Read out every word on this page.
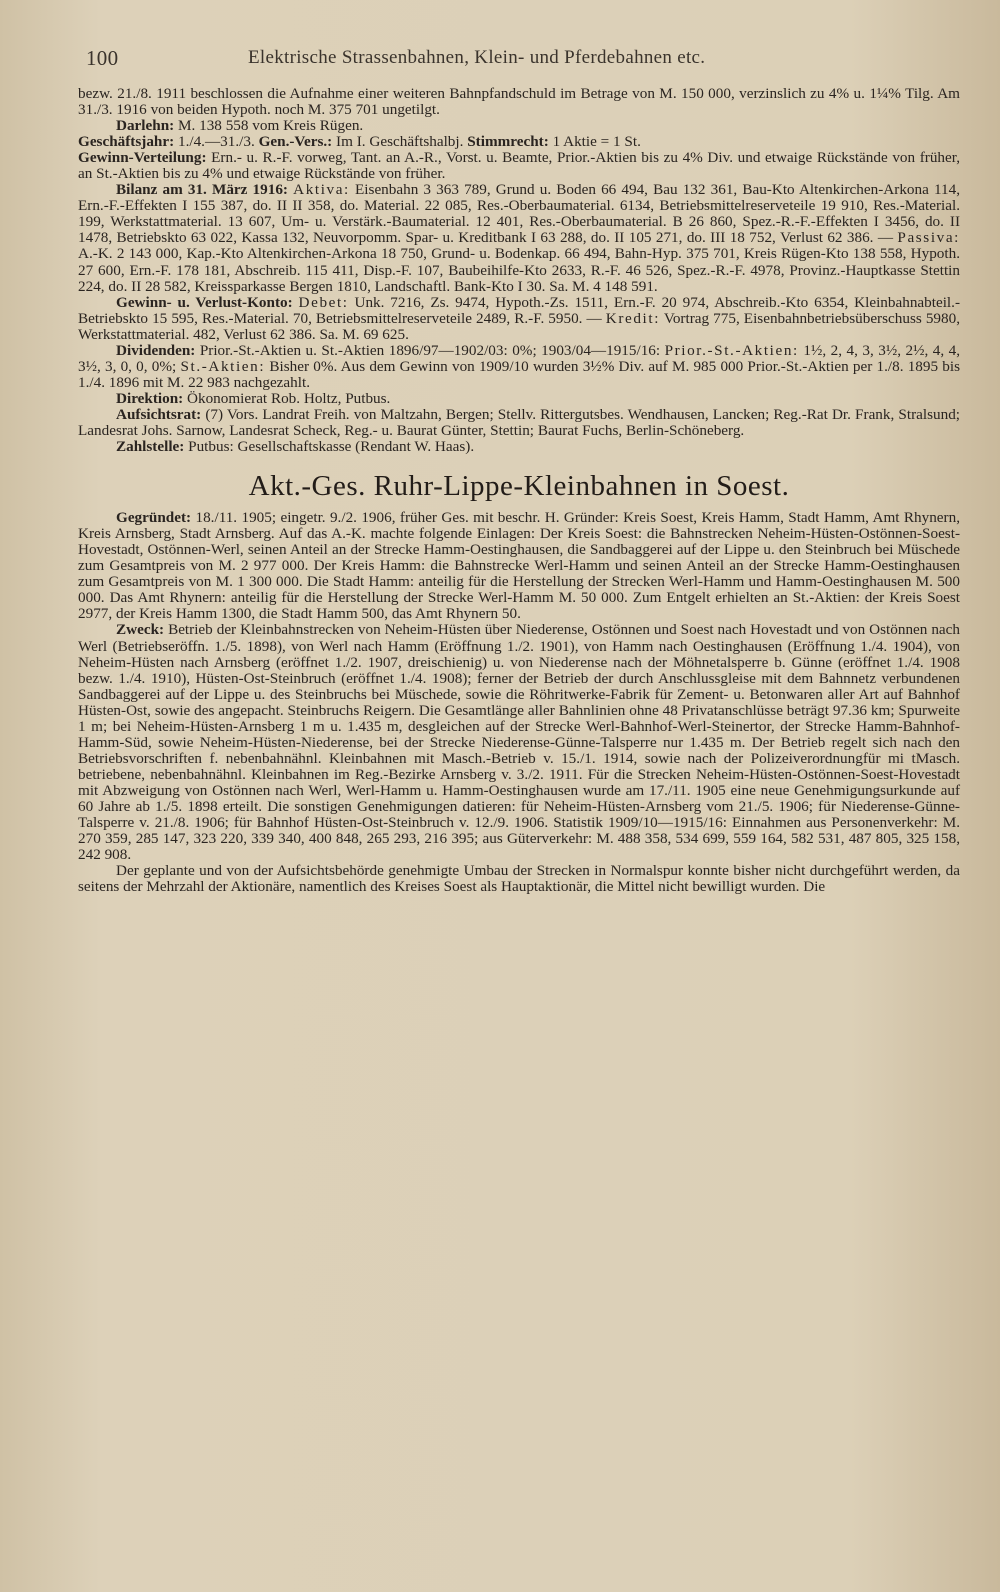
100	Elektrische Strassenbahnen, Klein- und Pferdebahnen etc.

bezw. 21./8. 1911 beschlossen die Aufnahme einer weiteren Bahnpfandschuld im Betrage von M. 150 000, verzinslich zu 4% u. 1¼% Tilg. Am 31./3. 1916 von beiden Hypoth. noch M. 375 701 ungetilgt.

Darlehn: M. 138 558 vom Kreis Rügen.

Geschäftsjahr: 1./4.—31./3. Gen.-Vers.: Im I. Geschäftshalbj. Stimmrecht: 1 Aktie = 1 St.

Gewinn-Verteilung: Ern.- u. R.-F. vorweg, Tant. an A.-R., Vorst. u. Beamte, Prior.-Aktien bis zu 4% Div. und etwaige Rückstände von früher, an St.-Aktien bis zu 4% und etwaige Rückstände von früher.

Bilanz am 31. März 1916: Aktiva: Eisenbahn 3 363 789, Grund u. Boden 66 494, Bau 132 361, Bau-Kto Altenkirchen-Arkona 114, Ern.-F.-Effekten I 155 387, do. II II 358, do. Material. 22 085, Res.-Oberbaumaterial. 6134, Betriebsmittelreserveteile 19 910, Res.-Material. 199, Werkstattmaterial. 13 607, Um- u. Verstärk.-Baumaterial. 12 401, Res.-Oberbaumaterial. B 26 860, Spez.-R.-F.-Effekten I 3456, do. II 1478, Betriebskto 63 022, Kassa 132, Neuvorpomm. Spar- u. Kreditbank I 63 288, do. II 105 271, do. III 18 752, Verlust 62 386. — Passiva: A.-K. 2 143 000, Kap.-Kto Altenkirchen-Arkona 18 750, Grund- u. Bodenkap. 66 494, Bahn-Hyp. 375 701, Kreis Rügen-Kto 138 558, Hypoth. 27 600, Ern.-F. 178 181, Abschreib. 115 411, Disp.-F. 107, Baubeihilfe-Kto 2633, R.-F. 46 526, Spez.-R.-F. 4978, Provinz.-Hauptkasse Stettin 224, do. II 28 582, Kreissparkasse Bergen 1810, Landschaftl. Bank-Kto I 30. Sa. M. 4 148 591.

Gewinn- u. Verlust-Konto: Debet: Unk. 7216, Zs. 9474, Hypoth.-Zs. 1511, Ern.-F. 20 974, Abschreib.-Kto 6354, Kleinbahnabteil.-Betriebskto 15 595, Res.-Material. 70, Betriebsmittelreserveteile 2489, R.-F. 5950. — Kredit: Vortrag 775, Eisenbahnbetriebsüberschuss 5980, Werkstattmaterial. 482, Verlust 62 386. Sa. M. 69 625.

Dividenden: Prior.-St.-Aktien u. St.-Aktien 1896/97—1902/03: 0%; 1903/04—1915/16: Prior.-St.-Aktien: 1½, 2, 4, 3, 3½, 2½, 4, 4, 3½, 3, 0, 0, 0%; St.-Aktien: Bisher 0%. Aus dem Gewinn von 1909/10 wurden 3½% Div. auf M. 985 000 Prior.-St.-Aktien per 1./8. 1895 bis 1./4. 1896 mit M. 22 983 nachgezahlt.

Direktion: Ökonomierat Rob. Holtz, Putbus.

Aufsichtsrat: (7) Vors. Landrat Freih. von Maltzahn, Bergen; Stellv. Rittergutsbes. Wendhausen, Lancken; Reg.-Rat Dr. Frank, Stralsund; Landesrat Johs. Sarnow, Landesrat Scheck, Reg.- u. Baurat Günter, Stettin; Baurat Fuchs, Berlin-Schöneberg.

Zahlstelle: Putbus: Gesellschaftskasse (Rendant W. Haas).

Akt.-Ges. Ruhr-Lippe-Kleinbahnen in Soest.

Gegründet: 18./11. 1905; eingetr. 9./2. 1906, früher Ges. mit beschr. H. Gründer: Kreis Soest, Kreis Hamm, Stadt Hamm, Amt Rhynern, Kreis Arnsberg, Stadt Arnsberg. Auf das A.-K. machte folgende Einlagen: Der Kreis Soest: die Bahnstrecken Neheim-Hüsten-Ostönnen-Soest-Hovestadt, Ostönnen-Werl, seinen Anteil an der Strecke Hamm-Oestinghausen, die Sandbaggerei auf der Lippe u. den Steinbruch bei Müschede zum Gesamtpreis von M. 2 977 000. Der Kreis Hamm: die Bahnstrecke Werl-Hamm und seinen Anteil an der Strecke Hamm-Oestinghausen zum Gesamtpreis von M. 1 300 000. Die Stadt Hamm: anteilig für die Herstellung der Strecken Werl-Hamm und Hamm-Oestinghausen M. 500 000. Das Amt Rhynern: anteilig für die Herstellung der Strecke Werl-Hamm M. 50 000. Zum Entgelt erhielten an St.-Aktien: der Kreis Soest 2977, der Kreis Hamm 1300, die Stadt Hamm 500, das Amt Rhynern 50.

Zweck: Betrieb der Kleinbahnstrecken von Neheim-Hüsten über Niederense, Ostönnen und Soest nach Hovestadt und von Ostönnen nach Werl (Betriebseröffn. 1./5. 1898), von Werl nach Hamm (Eröffnung 1./2. 1901), von Hamm nach Oestinghausen (Eröffnung 1./4. 1904), von Neheim-Hüsten nach Arnsberg (eröffnet 1./2. 1907, dreischienig) u. von Niederense nach der Möhnetalsperre b. Günne (eröffnet 1./4. 1908 bezw. 1./4. 1910), Hüsten-Ost-Steinbruch (eröffnet 1./4. 1908); ferner der Betrieb der durch Anschlussgleise mit dem Bahnnetz verbundenen Sandbaggerei auf der Lippe u. des Steinbruchs bei Müschede, sowie die Röhritwerke-Fabrik für Zement- u. Betonwaren aller Art auf Bahnhof Hüsten-Ost, sowie des angepacht. Steinbruchs Reigern. Die Gesamtlänge aller Bahnlinien ohne 48 Privatanschlüsse beträgt 97.36 km; Spurweite 1 m; bei Neheim-Hüsten-Arnsberg 1 m u. 1.435 m, desgleichen auf der Strecke Werl-Bahnhof-Werl-Steinertor, der Strecke Hamm-Bahnhof-Hamm-Süd, sowie Neheim-Hüsten-Niederense, bei der Strecke Niederense-Günne-Talsperre nur 1.435 m. Der Betrieb regelt sich nach den Betriebsvorschriften f. nebenbahnähnl. Kleinbahnen mit Masch.-Betrieb v. 15./1. 1914, sowie nach der Polizeiverordnungfür mi tMasch. betriebene, nebenbahnähnl. Kleinbahnen im Reg.-Bezirke Arnsberg v. 3./2. 1911. Für die Strecken Neheim-Hüsten-Ostönnen-Soest-Hovestadt mit Abzweigung von Ostönnen nach Werl, Werl-Hamm u. Hamm-Oestinghausen wurde am 17./11. 1905 eine neue Genehmigungsurkunde auf 60 Jahre ab 1./5. 1898 erteilt. Die sonstigen Genehmigungen datieren: für Neheim-Hüsten-Arnsberg vom 21./5. 1906; für Niederense-Günne-Talsperre v. 21./8. 1906; für Bahnhof Hüsten-Ost-Steinbruch v. 12./9. 1906. Statistik 1909/10—1915/16: Einnahmen aus Personenverkehr: M. 270 359, 285 147, 323 220, 339 340, 400 848, 265 293, 216 395; aus Güterverkehr: M. 488 358, 534 699, 559 164, 582 531, 487 805, 325 158, 242 908.

Der geplante und von der Aufsichtsbehörde genehmigte Umbau der Strecken in Normalspur konnte bisher nicht durchgeführt werden, da seitens der Mehrzahl der Aktionäre, namentlich des Kreises Soest als Hauptaktionär, die Mittel nicht bewilligt wurden. Die
